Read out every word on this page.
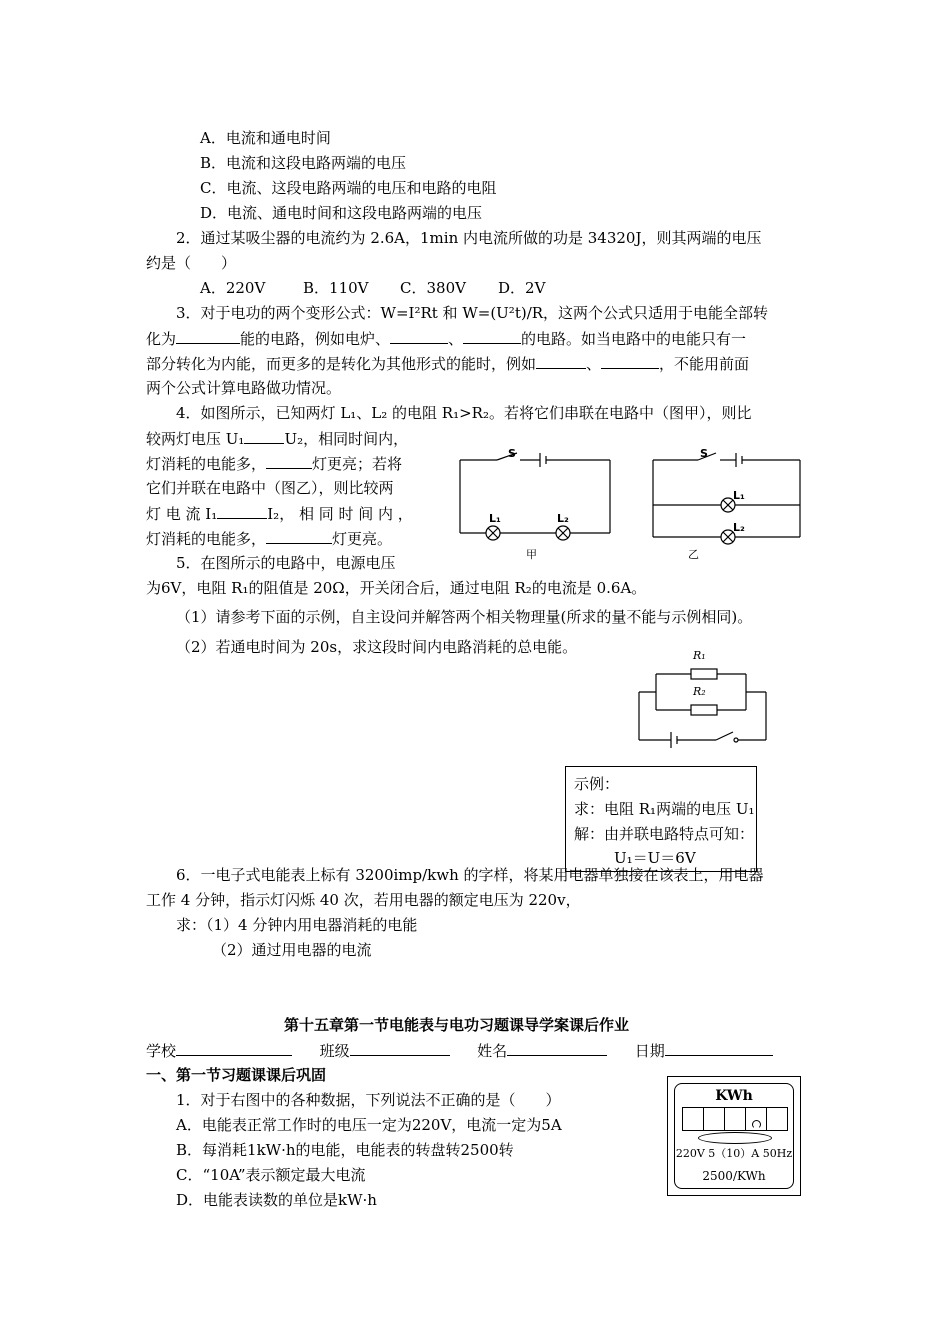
A．电流和通电时间
B．电流和这段电路两端的电压
C．电流、这段电路两端的电压和电路的电阻
D．电流、通电时间和这段电路两端的电压
2．通过某吸尘器的电流约为 2.6A，1min 内电流所做的功是 34320J，则其两端的电压
约是（　　）
A．220V	B．110V C．380V D．2V
3．对于电功的两个变形公式：W=I²Rt 和 W=(U²t)/R，这两个公式只适用于电能全部转
化为	能的电路，例如电炉、	、	的电路。如当电路中的电能只有一
部分转化为内能，而更多的是转化为其他形式的能时，例如	、	，不能用前面
两个公式计算电路做功情况。
4．如图所示，已知两灯 L₁、L₂ 的电阻 R₁>R₂。若将它们串联在电路中（图甲），则比
较两灯电压 U₁	U₂，相同时间内，
灯消耗的电能多，	灯更亮；若将
它们并联在电路中（图乙），则比较两
灯 电 流 I₁	I₂， 相 同 时 间 内 ，
灯消耗的电能多，	灯更亮。
S
L₁	L₂
甲
S
L₁
L₂
乙
5．在图所示的电路中，电源电压
为6V，电阻 R₁的阻值是 20Ω，开关闭合后，通过电阻 R₂的电流是 0.6A。
（1）请参考下面的示例，自主设问并解答两个相关物理量(所求的量不能与示例相同)。
（2）若通电时间为 20s，求这段时间内电路消耗的总电能。	R₁
R₂
示例：
求：电阻 R₁两端的电压 U₁
解：由并联电路特点可知：
U₁＝U＝6V
6．一电子式电能表上标有 3200imp/kwh 的字样，将某用电器单独接在该表上，用电器
工作 4 分钟，指示灯闪烁 40 次，若用电器的额定电压为 220v，
求：（1）4 分钟内用电器消耗的电能
（2）通过用电器的电流
第十五章第一节电能表与电功习题课导学案课后作业
学校	班级	姓名	日期
一、第一节习题课课后巩固
1．对于右图中的各种数据，下列说法不正确的是（　　）
A．电能表正常工作时的电压一定为220V，电流一定为5A
B．每消耗1kW·h的电能，电能表的转盘转2500转
C．“10A”表示额定最大电流
D．电能表读数的单位是kW·h
KWh
220V 5（10）A 50Hz
2500/KWh
